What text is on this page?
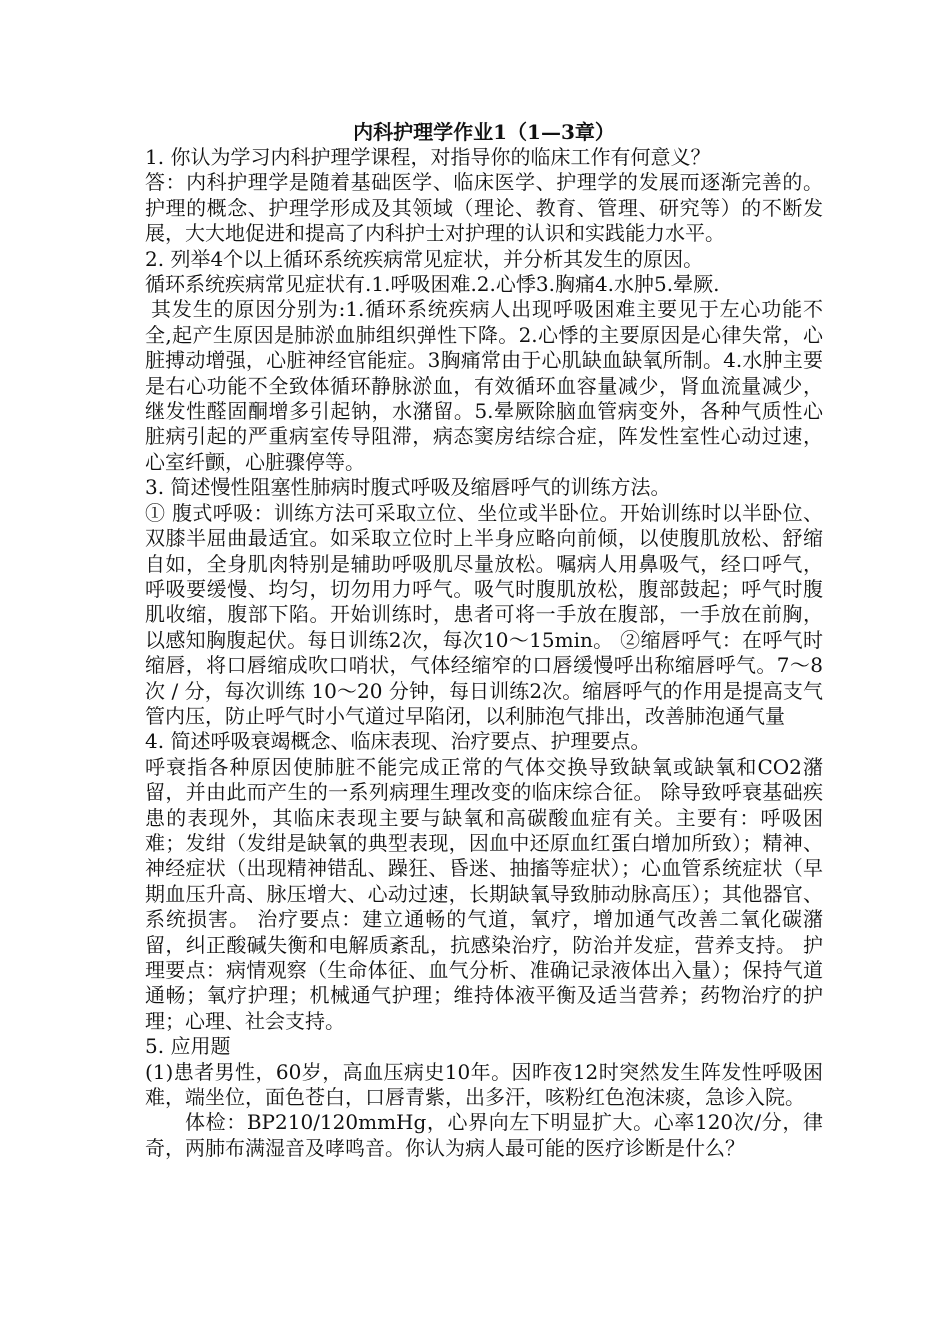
内科护理学作业1（1—3章）

1. 你认为学习内科护理学课程，对指导你的临床工作有何意义？

答：内科护理学是随着基础医学、临床医学、护理学的发展而逐渐完善的。护理的概念、护理学形成及其领域（理论、教育、管理、研究等）的不断发展，大大地促进和提高了内科护士对护理的认识和实践能力水平。

2. 列举4个以上循环系统疾病常见症状，并分析其发生的原因。

循环系统疾病常见症状有.1.呼吸困难.2.心悸3.胸痛4.水肿5.晕厥.

其发生的原因分别为:1.循环系统疾病人出现呼吸困难主要见于左心功能不全,起产生原因是肺淤血肺组织弹性下降。2.心悸的主要原因是心律失常，心脏搏动增强，心脏神经官能症。3胸痛常由于心肌缺血缺氧所制。4.水肿主要是右心功能不全致体循环静脉淤血，有效循环血容量减少，肾血流量减少，继发性醛固酮增多引起钠，水潴留。5.晕厥除脑血管病变外，各种气质性心脏病引起的严重病室传导阻滞，病态窦房结综合症，阵发性室性心动过速，心室纤颤，心脏骤停等。

3. 简述慢性阻塞性肺病时腹式呼吸及缩唇呼气的训练方法。

① 腹式呼吸：训练方法可采取立位、坐位或半卧位。开始训练时以半卧位、双膝半屈曲最适宜。如采取立位时上半身应略向前倾，以使腹肌放松、舒缩自如，全身肌肉特别是辅助呼吸肌尽量放松。嘱病人用鼻吸气，经口呼气，呼吸要缓慢、均匀，切勿用力呼气。吸气时腹肌放松，腹部鼓起；呼气时腹肌收缩，腹部下陷。开始训练时，患者可将一手放在腹部，一手放在前胸，以感知胸腹起伏。每日训练2次，每次10～15min。 ②缩唇呼气：在呼气时缩唇，将口唇缩成吹口哨状，气体经缩窄的口唇缓慢呼出称缩唇呼气。7～8次 / 分，每次训练 10～20 分钟，每日训练2次。缩唇呼气的作用是提高支气管内压，防止呼气时小气道过早陷闭，以利肺泡气排出，改善肺泡通气量

4. 简述呼吸衰竭概念、临床表现、治疗要点、护理要点。

呼衰指各种原因使肺脏不能完成正常的气体交换导致缺氧或缺氧和CO2潴留，并由此而产生的一系列病理生理改变的临床综合征。 除导致呼衰基础疾患的表现外，其临床表现主要与缺氧和高碳酸血症有关。主要有：呼吸困难；发绀（发绀是缺氧的典型表现，因血中还原血红蛋白增加所致）；精神、神经症状（出现精神错乱、躁狂、昏迷、抽搐等症状）；心血管系统症状（早期血压升高、脉压增大、心动过速，长期缺氧导致肺动脉高压）；其他器官、系统损害。 治疗要点：建立通畅的气道，氧疗，增加通气改善二氧化碳潴留，纠正酸碱失衡和电解质紊乱，抗感染治疗，防治并发症，营养支持。 护理要点：病情观察（生命体征、血气分析、准确记录液体出入量）；保持气道通畅；氧疗护理；机械通气护理；维持体液平衡及适当营养；药物治疗的护理；心理、社会支持。

5. 应用题

(1)患者男性，60岁，高血压病史10年。因昨夜12时突然发生阵发性呼吸困难，端坐位，面色苍白，口唇青紫，出多汗，咳粉红色泡沫痰，急诊入院。

体检：BP210/120mmHg，心界向左下明显扩大。心率120次/分，律奇，两肺布满湿音及哮鸣音。你认为病人最可能的医疗诊断是什么？
